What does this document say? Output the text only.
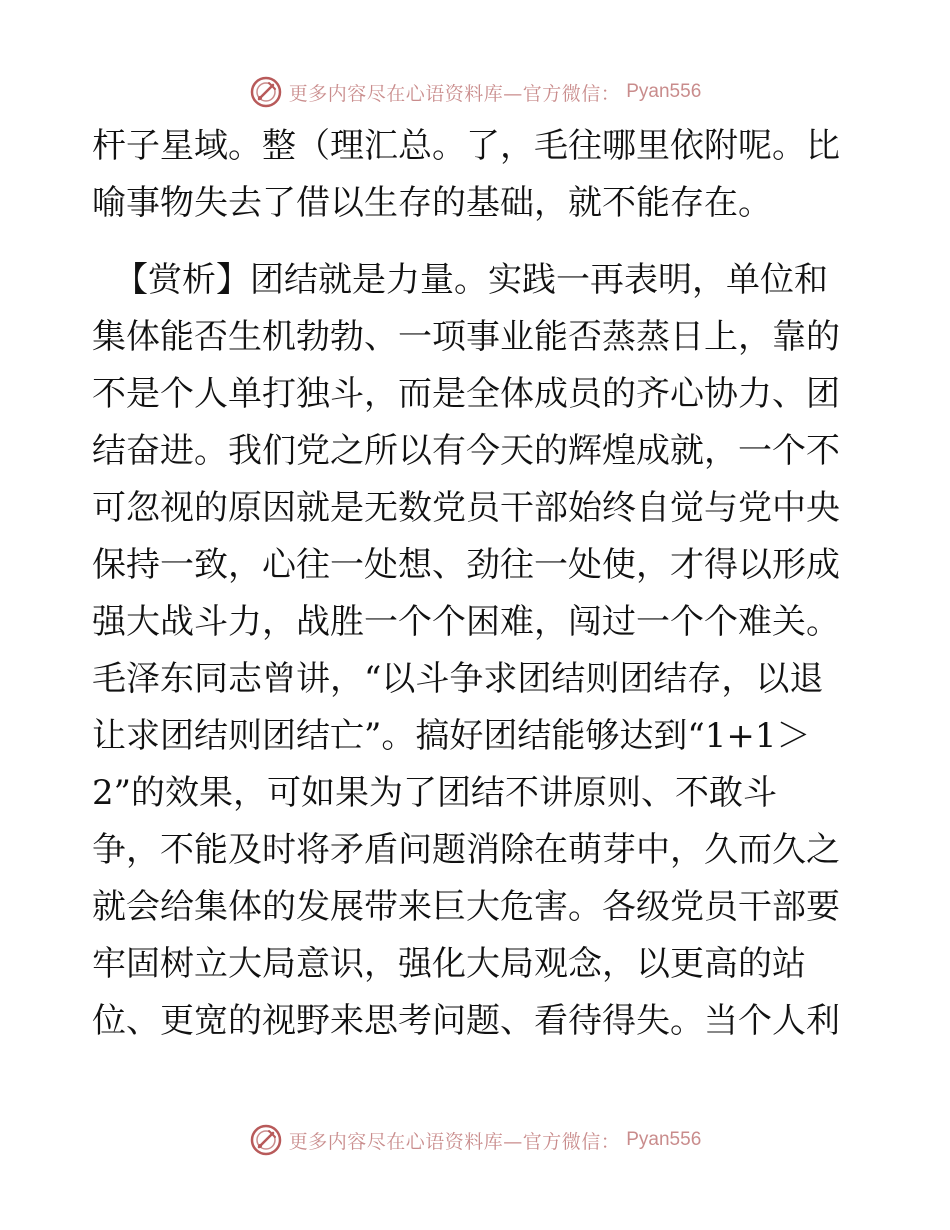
更多内容尽在心语资料库—官方微信： Pyan556
杆子星域。整（理汇总。了，毛往哪里依附呢。比
喻事物失去了借以生存的基础，就不能存在。
【赏析】团结就是力量。实践一再表明，单位和
集体能否生机勃勃、一项事业能否蒸蒸日上，靠的
不是个人单打独斗，而是全体成员的齐心协力、团
结奋进。我们党之所以有今天的辉煌成就，一个不
可忽视的原因就是无数党员干部始终自觉与党中央
保持一致，心往一处想、劲往一处使，才得以形成
强大战斗力，战胜一个个困难，闯过一个个难关。
毛泽东同志曾讲，“以斗争求团结则团结存，以退
让求团结则团结亡”。搞好团结能够达到“1+1＞
2”的效果，可如果为了团结不讲原则、不敢斗
争，不能及时将矛盾问题消除在萌芽中，久而久之
就会给集体的发展带来巨大危害。各级党员干部要
牢固树立大局意识，强化大局观念，以更高的站
位、更宽的视野来思考问题、看待得失。当个人利
更多内容尽在心语资料库—官方微信： Pyan556
